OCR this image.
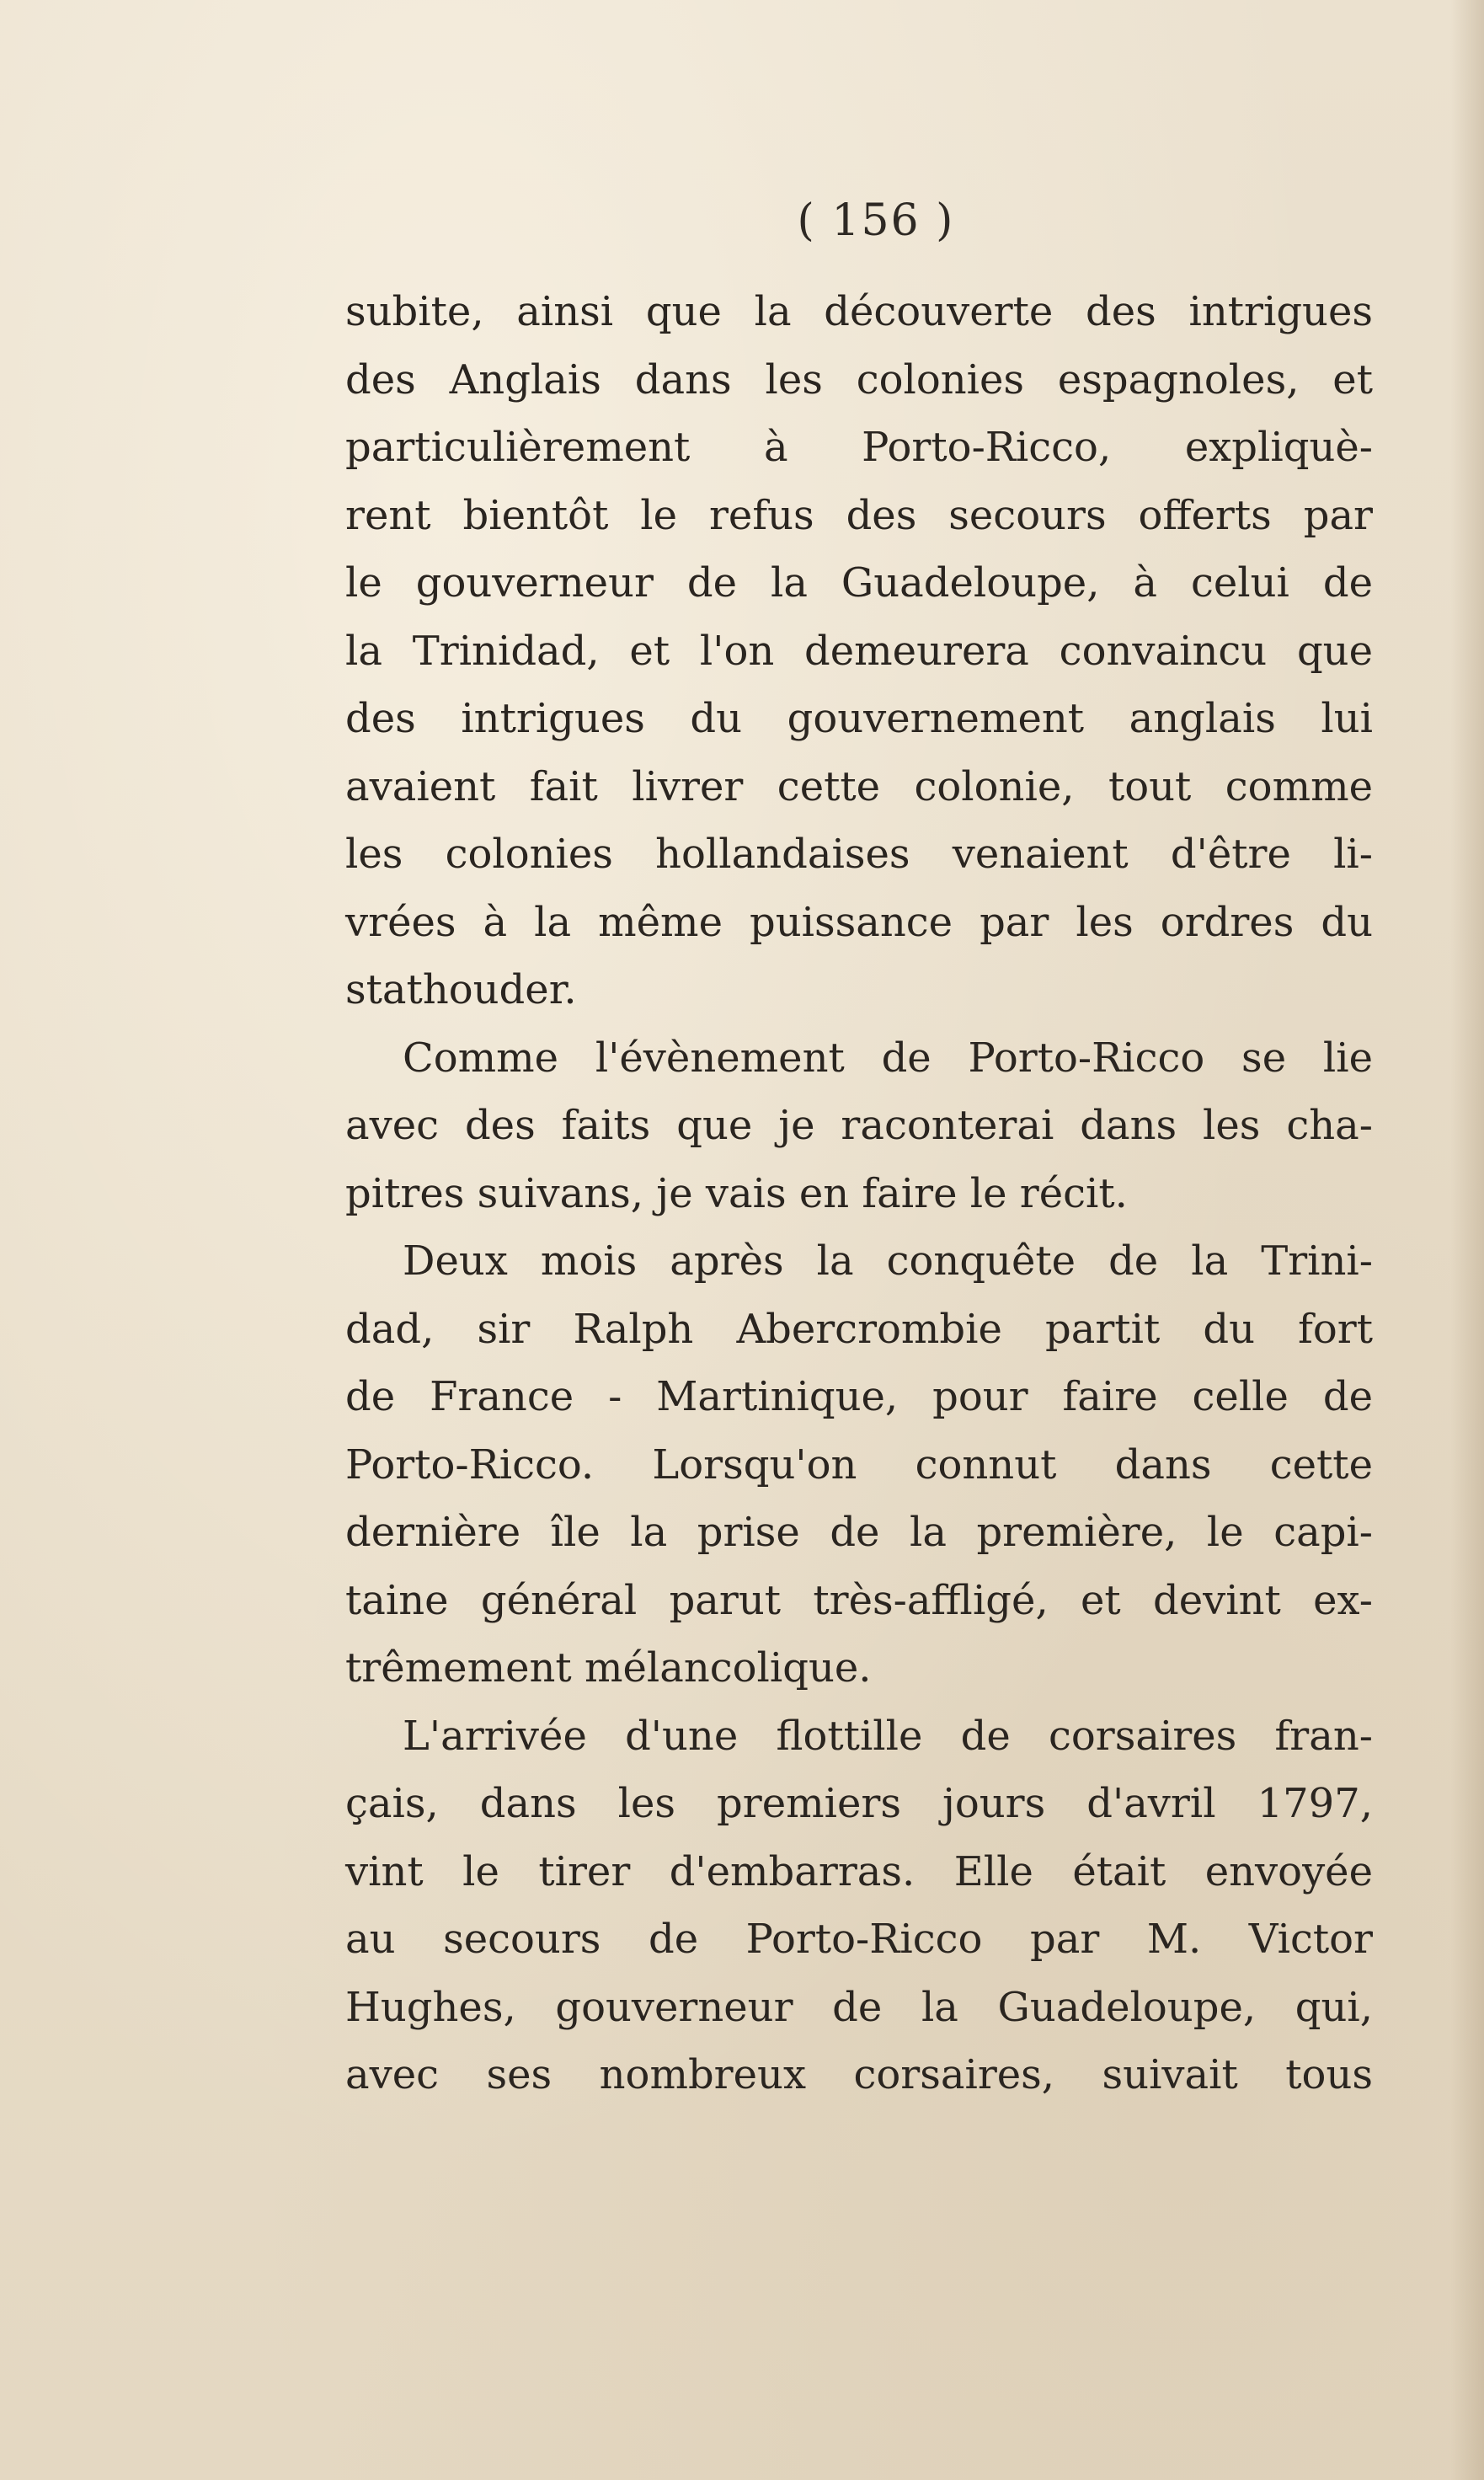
( 156 )
subite, ainsi que la découverte des intrigues
des Anglais dans les colonies espagnoles, et
particulièrement à Porto-Ricco, expliquè-
rent bientôt le refus des secours offerts par
le gouverneur de la Guadeloupe, à celui de
la Trinidad, et l'on demeurera convaincu que
des intrigues du gouvernement anglais lui
avaient fait livrer cette colonie, tout comme
les colonies hollandaises venaient d'être li-
vrées à la même puissance par les ordres du
stathouder.
Comme l'évènement de Porto-Ricco se lie
avec des faits que je raconterai dans les cha-
pitres suivans, je vais en faire le récit.
Deux mois après la conquête de la Trini-
dad, sir Ralph Abercrombie partit du fort
de France - Martinique, pour faire celle de
Porto-Ricco. Lorsqu'on connut dans cette
dernière île la prise de la première, le capi-
taine général parut très-affligé, et devint ex-
trêmement mélancolique.
L'arrivée d'une flottille de corsaires fran-
çais, dans les premiers jours d'avril 1797,
vint le tirer d'embarras. Elle était envoyée
au secours de Porto-Ricco par M. Victor
Hughes, gouverneur de la Guadeloupe, qui,
avec ses nombreux corsaires, suivait tous
